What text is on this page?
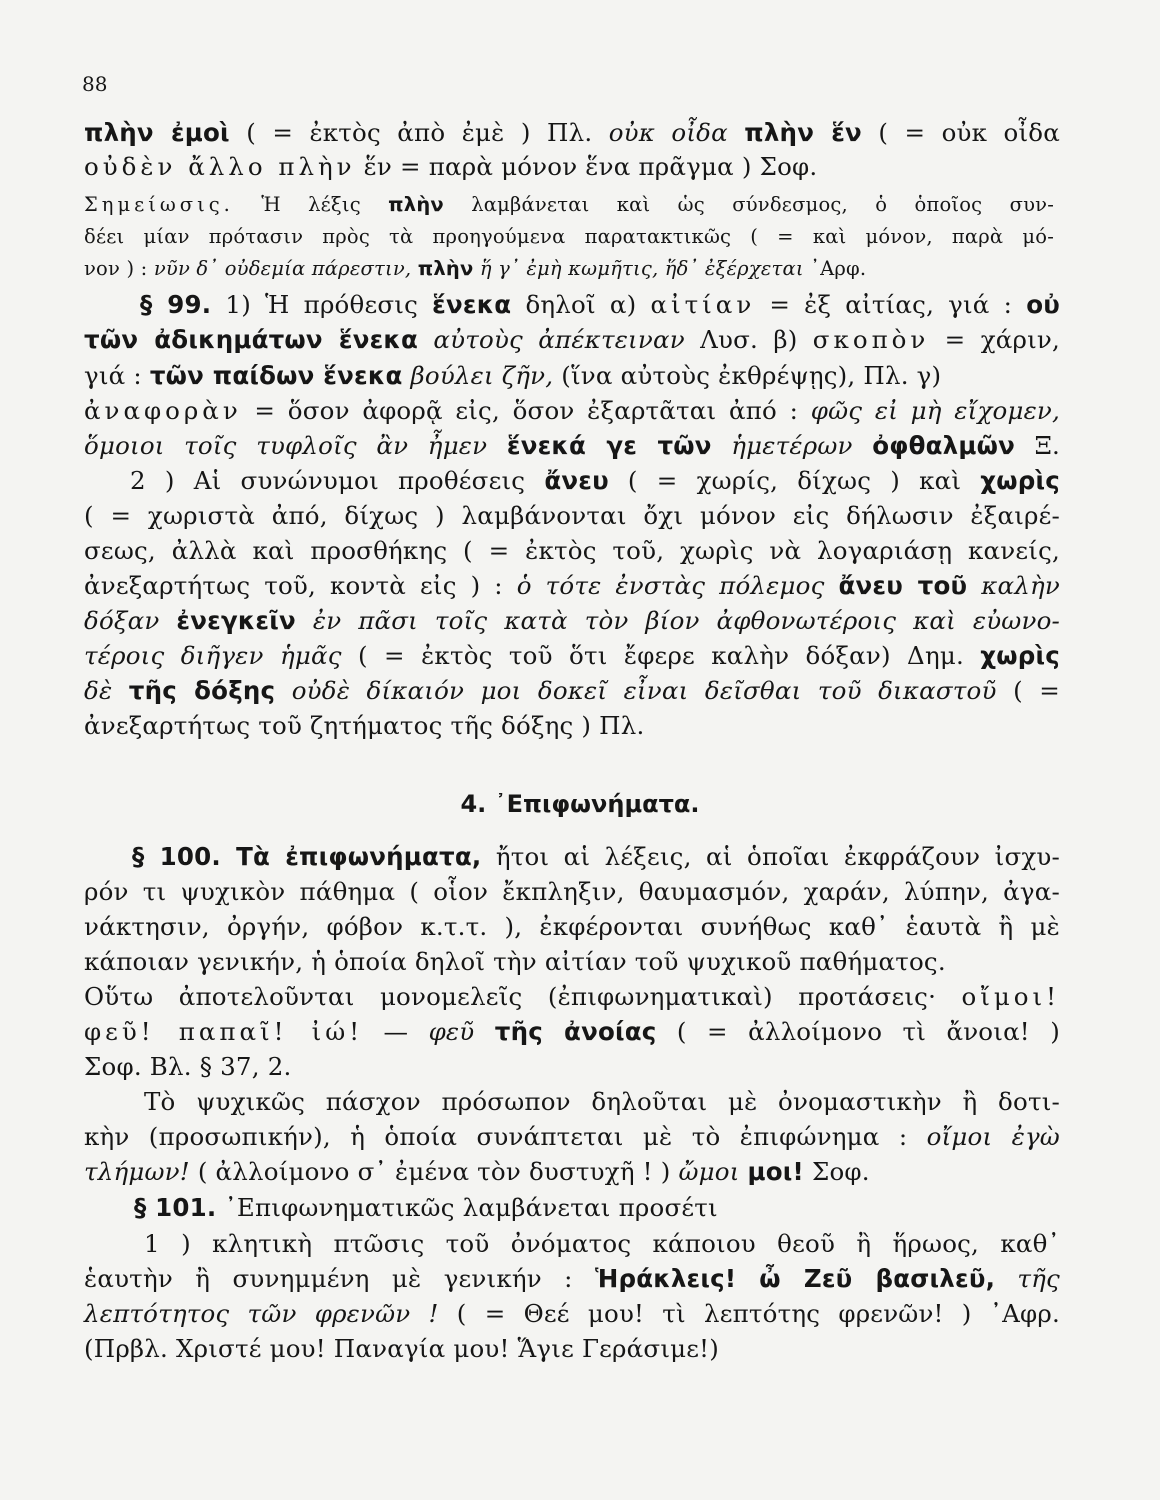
88
πλὴν ἐμοὶ ( = ἐκτὸς ἀπὸ ἐμὲ ) Πλ. οὐκ οἶδα πλὴν ἕν ( = οὐκ οἶδα
οὐδὲν ἄλλο πλὴν ἕν = παρὰ μόνον ἕνα πρᾶγμα ) Σοφ.
Σημείωσις. Ἡ λέξις πλὴν λαμβάνεται καὶ ὡς σύνδεσμος, ὁ ὁποῖος συν-
δέει μίαν πρότασιν πρὸς τὰ προηγούμενα παρατακτικῶς ( = καὶ μόνον, παρὰ μό-
νον ) : νῦν δ᾽ οὐδεμία πάρεστιν, πλὴν ἥ γ᾽ ἐμὴ κωμῆτις, ἥδ᾽ ἐξέρχεται ᾽Αρφ.
§ 99. 1) Ἡ πρόθεσις ἕνεκα δηλοῖ α) αἰτίαν = ἐξ αἰτίας, γιά : οὐ
τῶν ἀδικημάτων ἕνεκα αὐτοὺς ἀπέκτειναν Λυσ. β) σκοπὸν = χάριν,
γιά : τῶν παίδων ἕνεκα βούλει ζῆν, (ἵνα αὐτοὺς ἐκθρέψῃς), Πλ. γ)
ἀναφορὰν = ὅσον ἀφορᾷ εἰς, ὅσον ἐξαρτᾶται ἀπό : φῶς εἰ μὴ εἴχομεν,
ὅμοιοι τοῖς τυφλοῖς ἂν ἦμεν ἕνεκά γε τῶν ἡμετέρων ὀφθαλμῶν Ξ.
2 ) Αἱ συνώνυμοι προθέσεις ἄνευ ( = χωρίς, δίχως ) καὶ χωρὶς
( = χωριστὰ ἀπό, δίχως ) λαμβάνονται ὄχι μόνον εἰς δήλωσιν ἐξαιρέ-
σεως, ἀλλὰ καὶ προσθήκης ( = ἐκτὸς τοῦ, χωρὶς νὰ λογαριάσῃ κανείς,
ἀνεξαρτήτως τοῦ, κοντὰ εἰς ) : ὁ τότε ἐνστὰς πόλεμος ἄνευ τοῦ καλὴν
δόξαν ἐνεγκεῖν ἐν πᾶσι τοῖς κατὰ τὸν βίον ἀφθονωτέροις καὶ εὐωνο-
τέροις διῆγεν ἡμᾶς ( = ἐκτὸς τοῦ ὅτι ἔφερε καλὴν δόξαν) Δημ. χωρὶς
δὲ τῆς δόξης οὐδὲ δίκαιόν μοι δοκεῖ εἶναι δεῖσθαι τοῦ δικαστοῦ ( =
ἀνεξαρτήτως τοῦ ζητήματος τῆς δόξης ) Πλ.
4. ᾽Επιφωνήματα.
§ 100. Τὰ ἐπιφωνήματα, ἤτοι αἱ λέξεις, αἱ ὁποῖαι ἐκφράζουν ἰσχυ-
ρόν τι ψυχικὸν πάθημα ( οἷον ἔκπληξιν, θαυμασμόν, χαράν, λύπην, ἀγα-
νάκτησιν, ὀργήν, φόβον κ.τ.τ. ), ἐκφέρονται συνήθως καθ᾽ ἑαυτὰ ἢ μὲ
κάποιαν γενικήν, ἡ ὁποία δηλοῖ τὴν αἰτίαν τοῦ ψυχικοῦ παθήματος.
Οὕτω ἀποτελοῦνται μονομελεῖς (ἐπιφωνηματικαὶ) προτάσεις· οἴμοι!
φεῦ! παπαῖ! ἰώ! — φεῦ τῆς ἀνοίας ( = ἀλλοίμονο τὶ ἄνοια! )
Σοφ. Βλ. § 37, 2.
Τὸ ψυχικῶς πάσχον πρόσωπον δηλοῦται μὲ ὀνομαστικὴν ἢ δοτι-
κὴν (προσωπικήν), ἡ ὁποία συνάπτεται μὲ τὸ ἐπιφώνημα : οἴμοι ἐγὼ
τλήμων! ( ἀλλοίμονο σ᾽ ἐμένα τὸν δυστυχῆ ! ) ὤμοι μοι! Σοφ.
§ 101. ᾽Επιφωνηματικῶς λαμβάνεται προσέτι
1 ) κλητικὴ πτῶσις τοῦ ὀνόματος κάποιου θεοῦ ἢ ἥρωος, καθ᾽
ἑαυτὴν ἢ συνημμένη μὲ γενικήν : Ἡράκλεις! ὦ Ζεῦ βασιλεῦ, τῆς
λεπτότητος τῶν φρενῶν ! ( = Θεέ μου! τὶ λεπτότης φρενῶν! ) ᾽Αφρ.
(Πρβλ. Χριστέ μου! Παναγία μου! Ἅγιε Γεράσιμε!)
